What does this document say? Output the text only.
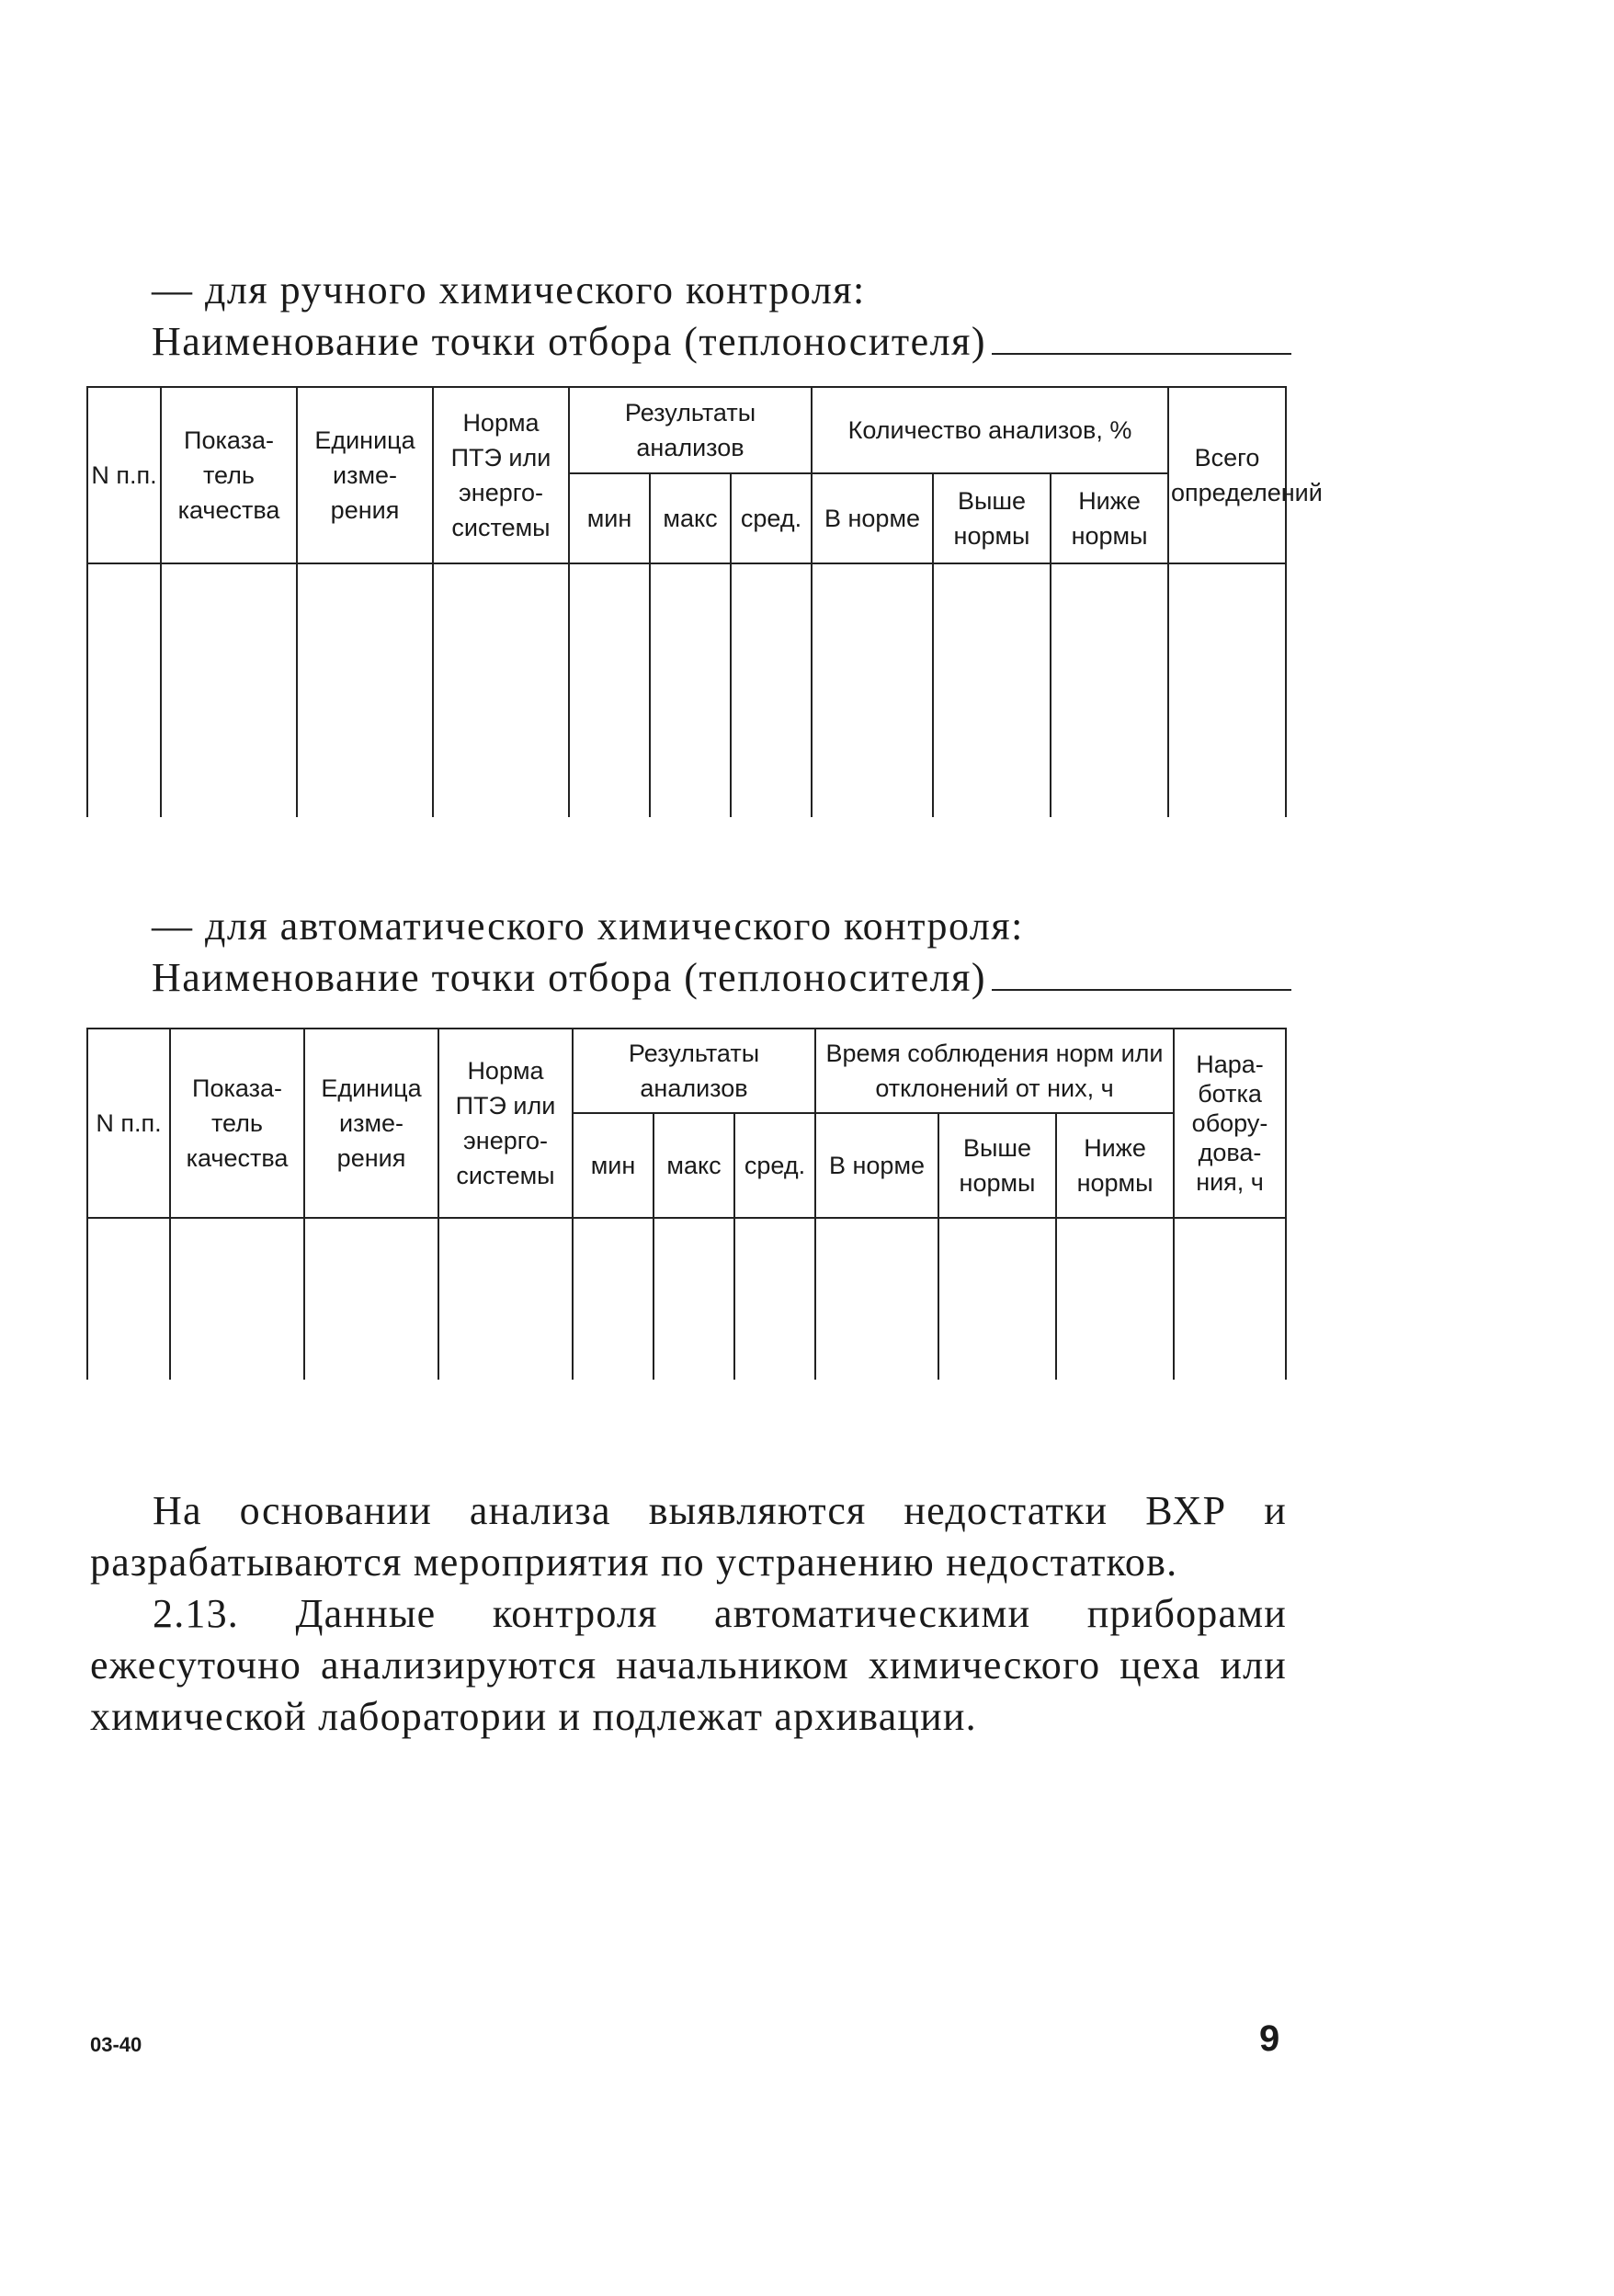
— для ручного химического контроля:
Наименование точки отбора (теплоносителя)
N п.п.	Показа- тель качества	Единица изме- рения	Норма ПТЭ или энерго- системы	Результаты анализов			Количество анализов, %			Всего определений
				мин	макс	сред.	В норме	Выше нормы	Ниже нормы	

— для автоматического химического контроля:
Наименование точки отбора (теплоносителя)
N п.п.	Показа- тель качества	Единица изме- рения	Норма ПТЭ или энерго- системы	Результаты анализов			Время соблюдения норм или отклонений от них, ч			Нара- ботка обору- дова- ния, ч
				мин	макс	сред.	В норме	Выше нормы	Ниже нормы	

На основании анализа выявляются недостатки ВХР и разрабатываются мероприятия по устранению недостатков.

2.13. Данные контроля автоматическими приборами ежесуточно анализируются начальником химического цеха или химической лаборатории и подлежат архивации.

03-40	9
